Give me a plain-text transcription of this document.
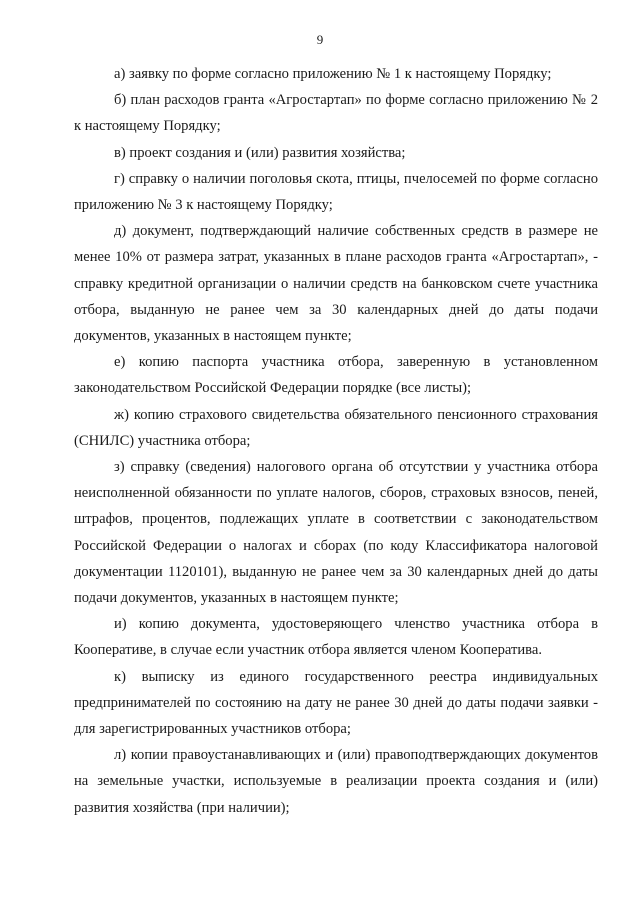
9

а) заявку по форме согласно приложению № 1 к настоящему Порядку;

б) план расходов гранта «Агростартап» по форме согласно приложению № 2 к настоящему Порядку;

в) проект создания и (или) развития хозяйства;

г) справку о наличии поголовья скота, птицы, пчелосемей по форме согласно приложению № 3 к настоящему Порядку;

д) документ, подтверждающий наличие собственных средств в размере не менее 10% от размера затрат, указанных в плане расходов гранта «Агростартап», - справку кредитной организации о наличии средств на банковском счете участника отбора, выданную не ранее чем за 30 календарных дней до даты подачи документов, указанных в настоящем пункте;

е) копию паспорта участника отбора, заверенную в установленном законодательством Российской Федерации порядке (все листы);

ж) копию страхового свидетельства обязательного пенсионного страхования (СНИЛС) участника отбора;

з) справку (сведения) налогового органа об отсутствии у участника отбора неисполненной обязанности по уплате налогов, сборов, страховых взносов, пеней, штрафов, процентов, подлежащих уплате в соответствии с законодательством Российской Федерации о налогах и сборах (по коду Классификатора налоговой документации 1120101), выданную не ранее чем за 30 календарных дней до даты подачи документов, указанных в настоящем пункте;

и) копию документа, удостоверяющего членство участника отбора в Кооперативе, в случае если участник отбора является членом Кооператива.

к) выписку из единого государственного реестра индивидуальных предпринимателей по состоянию на дату не ранее 30 дней до даты подачи заявки - для зарегистрированных участников отбора;

л) копии правоустанавливающих и (или) правоподтверждающих документов на земельные участки, используемые в реализации проекта создания и (или) развития хозяйства (при наличии);
